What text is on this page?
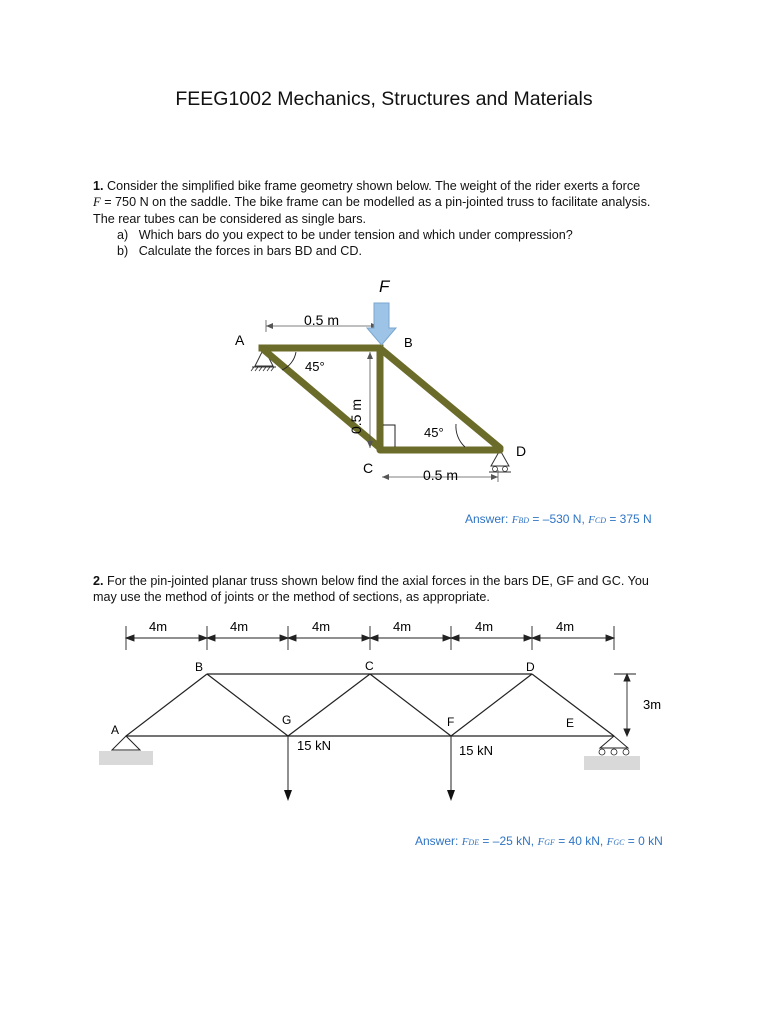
FEEG1002 Mechanics, Structures and Materials
1. Consider the simplified bike frame geometry shown below. The weight of the rider exerts a force
F = 750 N on the saddle. The bike frame can be modelled as a pin-jointed truss to facilitate analysis.
The rear tubes can be considered as single bars.
a) Which bars do you expect to be under tension and which under compression?
b) Calculate the forces in bars BD and CD.
F
0.5 m
0.5 m
0.5 m
45°
45°
A	B
C
D
Answer: FBD = –530 N, FCD = 375 N
2. For the pin-jointed planar truss shown below find the axial forces in the bars DE, GF and GC. You
may use the method of joints or the method of sections, as appropriate.
4m	4m	4m	4m	4m	4m
3m
15 kN	15 kN
A
B	C	D
E
F
G
Answer: FDE = –25 kN, FGF = 40 kN, FGC = 0 kN
